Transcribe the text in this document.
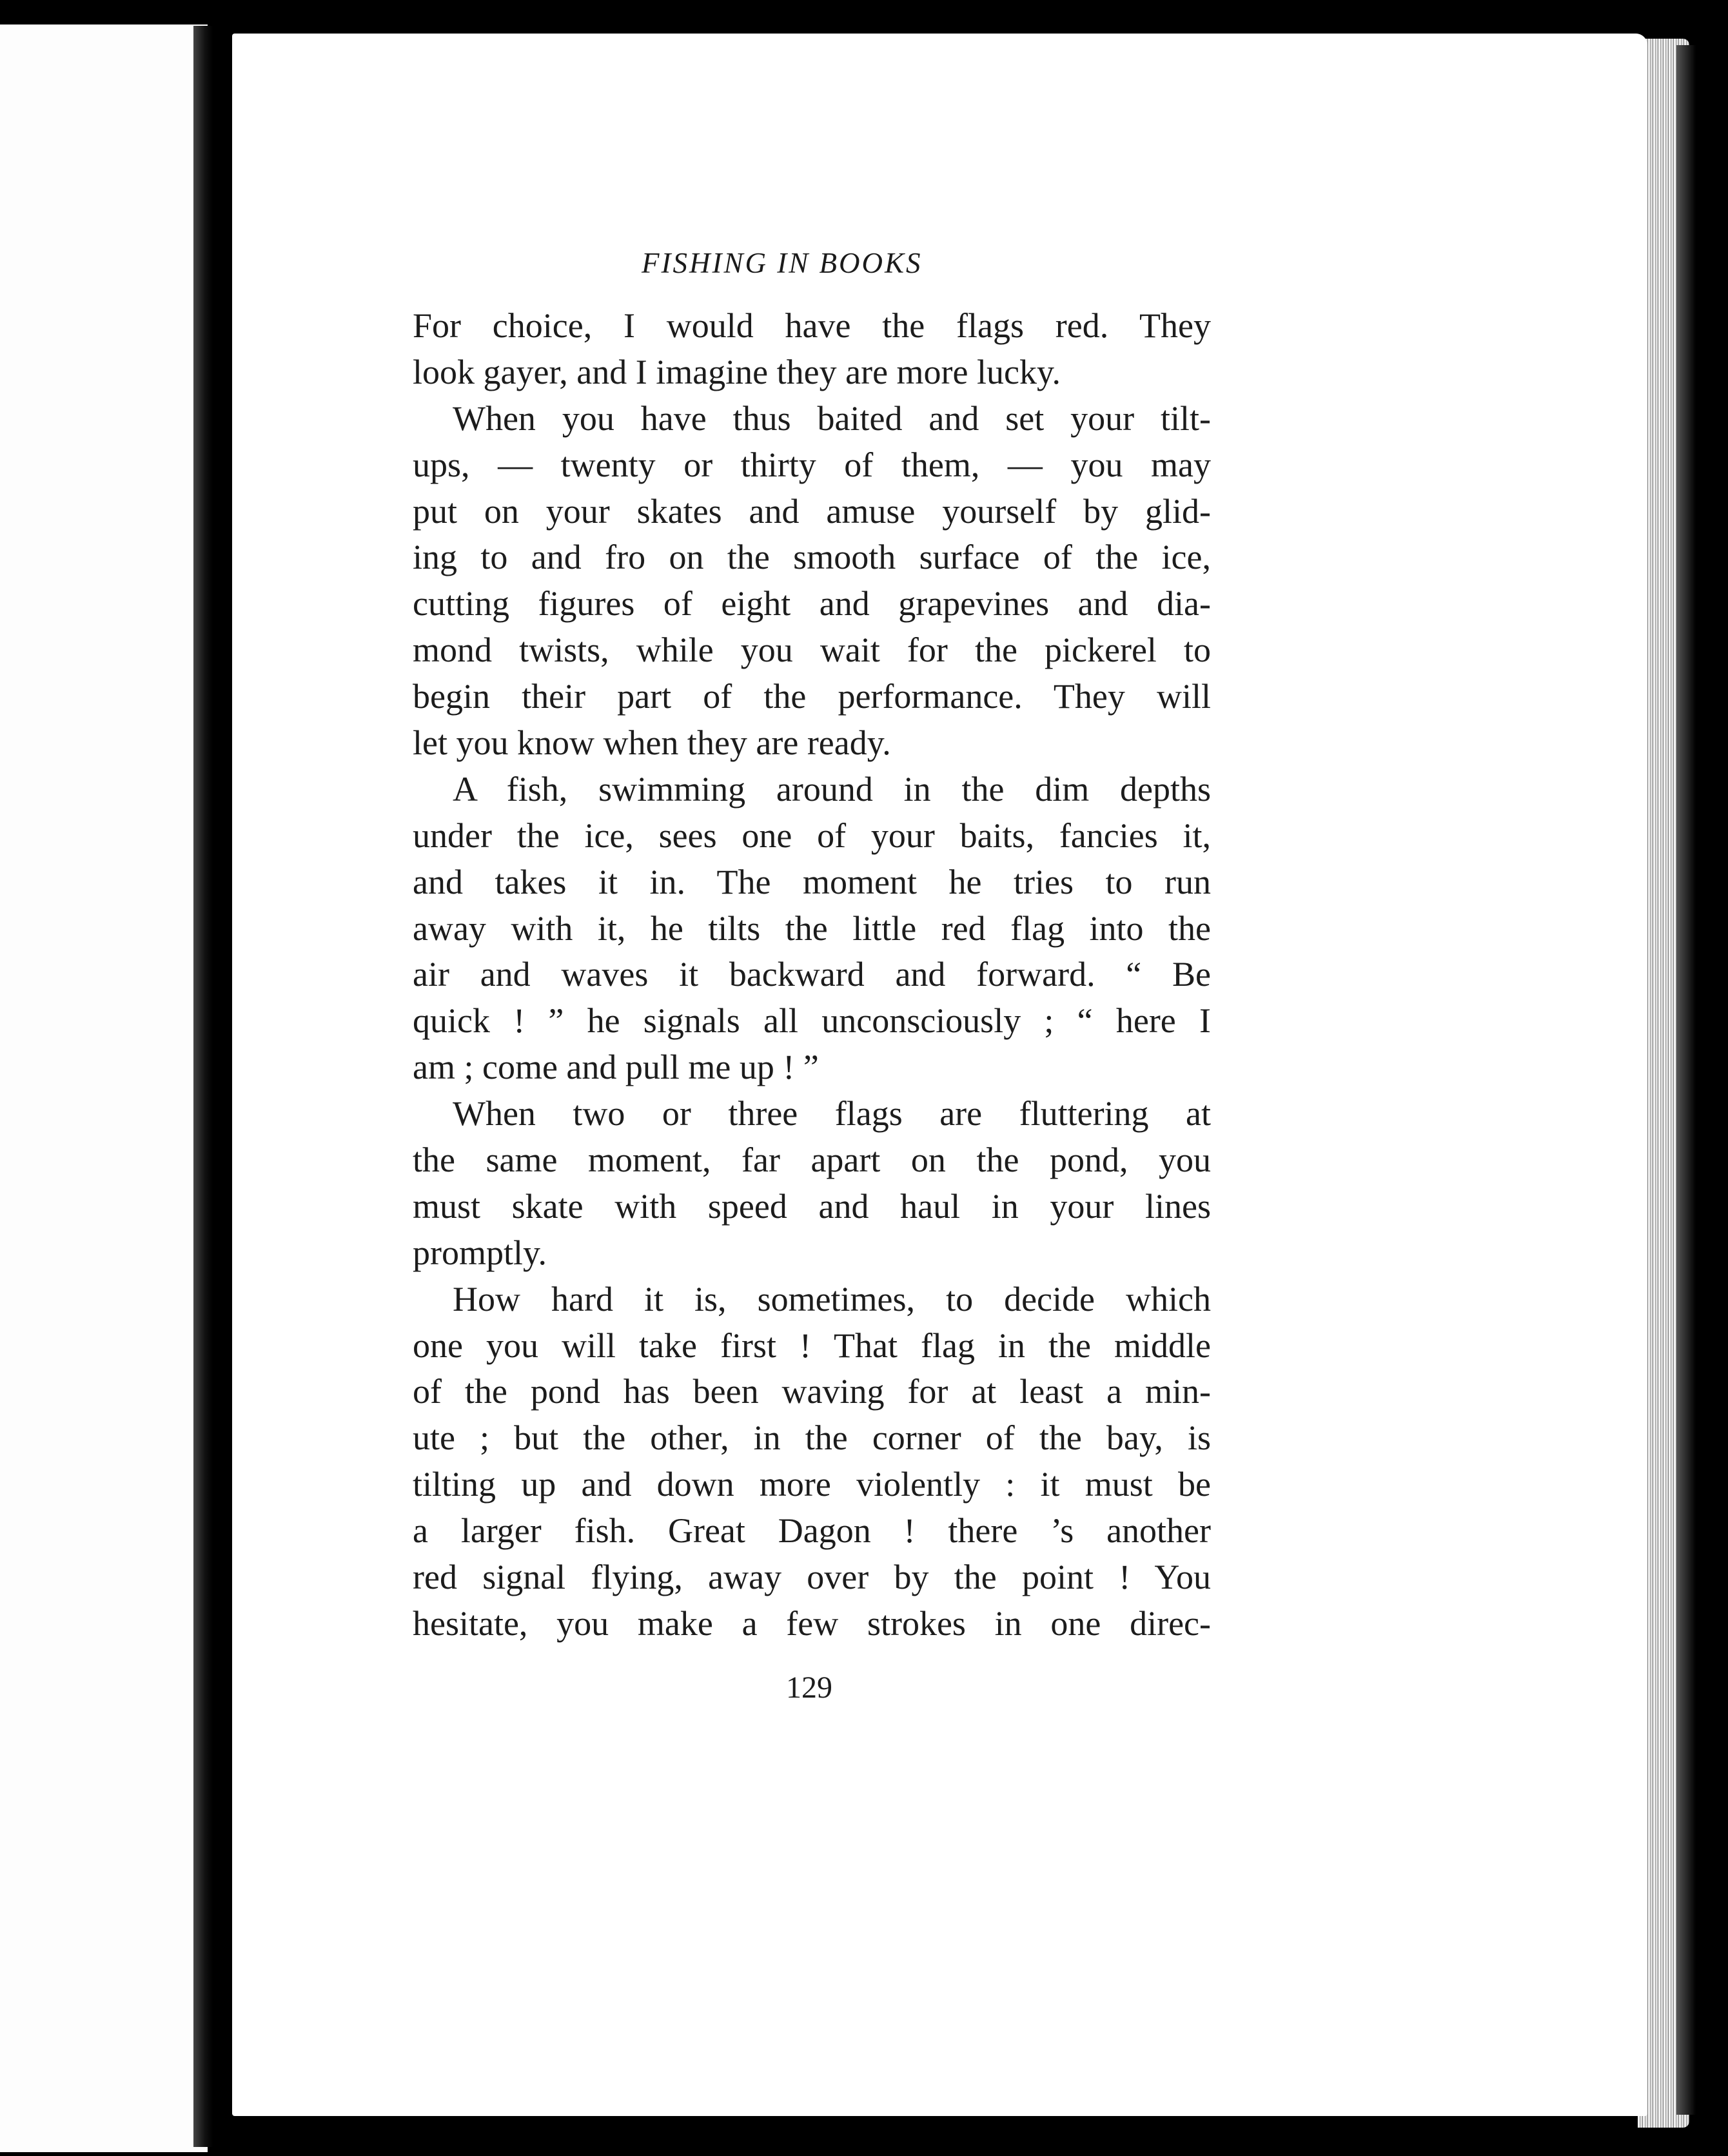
FISHING IN BOOKS
For choice, I would have the flags red. They
look gayer, and I imagine they are more lucky.
When you have thus baited and set your tilt-
ups, — twenty or thirty of them, — you may
put on your skates and amuse yourself by glid-
ing to and fro on the smooth surface of the ice,
cutting figures of eight and grapevines and dia-
mond twists, while you wait for the pickerel to
begin their part of the performance. They will
let you know when they are ready.
A fish, swimming around in the dim depths
under the ice, sees one of your baits, fancies it,
and takes it in. The moment he tries to run
away with it, he tilts the little red flag into the
air and waves it backward and forward. “ Be
quick ! ” he signals all unconsciously ; “ here I
am ; come and pull me up ! ”
When two or three flags are fluttering at
the same moment, far apart on the pond, you
must skate with speed and haul in your lines
promptly.
How hard it is, sometimes, to decide which
one you will take first ! That flag in the middle
of the pond has been waving for at least a min-
ute ; but the other, in the corner of the bay, is
tilting up and down more violently : it must be
a larger fish. Great Dagon ! there ’s another
red signal flying, away over by the point ! You
hesitate, you make a few strokes in one direc-
129
